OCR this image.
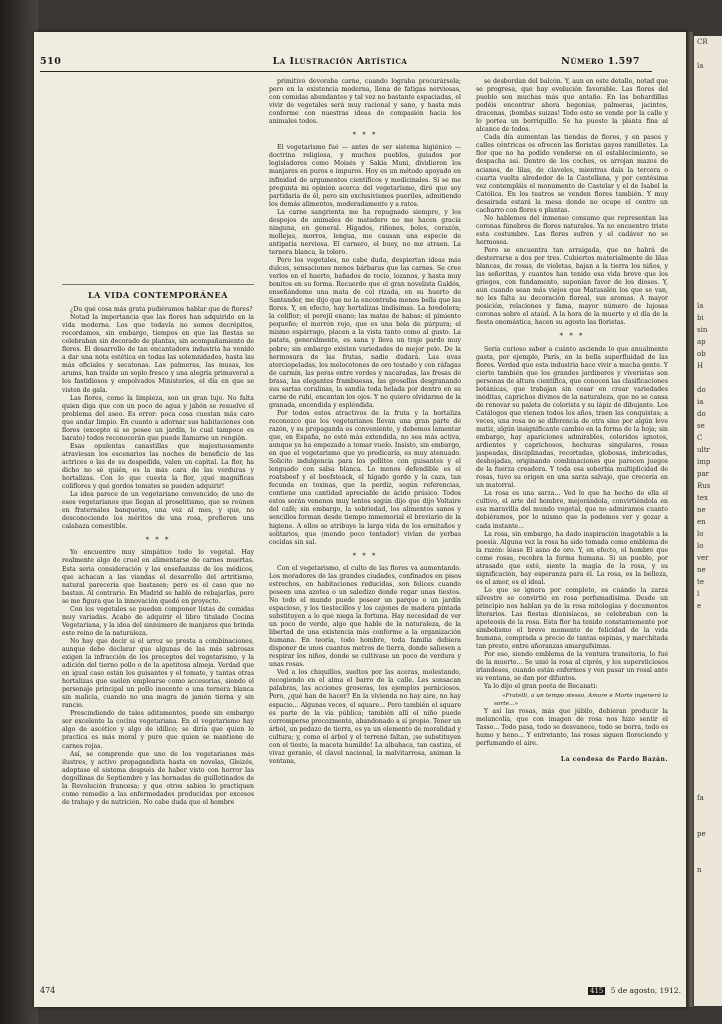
CR

la

la
bi
sin
ap
ob
H

do
ia
do
se
C
ultr
imp
par
Rus
tex
ne
en
lo
lo
ver
ne
te
l
e

fa

pe

n
510	La Ilustración Artística	Número 1.597
LA VIDA CONTEMPORÁNEA

¿Du qué cosa más grata pudiéramos hablar que de flores?

Notad la importancia que las flores han adquirido en la vida moderna. Los que todavía no somos decrépitos, recordamos, sin embargo, tiempos en que las fiestas se celebraban sin decorado de plantas, sin acompañamiento de flores. El desarrollo de tan encantadora industria ha venido a dar una nota estética en todas las solemnidades, hasta las más oficiales y secatonas. Las palmeras, las musas, los arums, han traído un soplo fresco y una alegría primaveral a los fastidiosos y empolvados Ministerios, el día en que se visten de gala.

Las flores, como la limpieza, son un gran lujo. No falta quien diga que con un poco de agua y jabón se resuelve el problema del aseo. Es error: poca cosa cuestan más caro que andar limpio. En cuanto a adornar sus habitaciones con flores (excepto si se posee un jardín, lo cual tampoco es barato) todos reconocerán que puede llamarse un rengión.

Esas opulentas canastillas que majestuosamente atraviesan los escenarios las noches de beneficio de las actrices o las de su despedida, valen un capital. La flor, ha dicho no sé quién, es la más cara de las verduras y hortalizas. Con lo que cuesta la flor, ¡qué magníficas coliflores y qué gordos tomates se pueden adquirir!

La idea parece de un vegetariano convencido; de uno de esos vegetarianos que llegan al proselitismo, que se reúnen en fraternales banquetes, una vez al mes, y que, no desconociendo los méritos de una rosa, prefieren una calabaza comestible.

* * *

Yo encuentro muy simpático todo lo vegetal. Hay realmente algo de cruel en alimentarse de carnes muertas. Esta seria consideración y las enseñanzas de los médicos, que achacan a las viandas el desarrollo del artritismo, natural parecería que bastasen; pero es el caso que no bastan. Al contrario. En Madrid se habló de rebajarlas, pero se me figura que la innovación quedó en proyecto.

Con los vegetales se pueden componer listas de comidas muy variadas. Acabo de adquirir el libro titulado Cocina Vegetariana, y la idea del sinnúmero de manjares que brinda este reino de la naturaleza.

No hay que decir si el arroz se presta a combinaciones, aunque debo declarar que algunas de las más sabrosas exigen la infracción de los preceptos del vegetarismo, y la adición del tierno pollo o de la apetitosa almeja. Verdad que en igual caso están los guisantes y el tomate, y tantas otras hortalizas que suelen emplearse como accesorias, siendo el personaje principal un pollo inocente o una ternera blanca sin malicia, cuando no una magra de jamón tierna y sin rancio.

Prescindiendo de tales aditamentos, puede sin embargo ser excelente la cocina vegetariana. En el vegetarismo hay algo de ascético y algo de idílico; se diría que quien lo practica es más moral y puro que quien se mantiene de carnes rojas.

Así, se comprende que uno de los vegetarianos más ilustres, y activo propagandista hasta en novelas, Gleizés, adoptase el sistema después de haber visto con horror las degollinas de Septiembre y las hornadas de guillotinados de la Revolución francesa; y que otros sabios lo practiquen como remedio a las enfermedades producidas por excesos de trabajo y de nutrición. No cabe duda que el hombre

primitivo devoraba carne, cuando lograba procurársela; pero en la existencia moderna, llena de fatigas nerviosas, con comidas abundantes y tal vez no bastante espaciadas, el vivir de vegetales será muy racional y sano, y hasta más conforme con nuestras ideas de compasión hacia los animales todos.

* * *

El vegetarismo fué — antes de ser sistema higiénico — doctrina religiosa, y muchos pueblos, guiados por legisladores como Moisés y Sakia Muni, dividieron los manjares en puros e impuros. Hoy es un método apoyado en infinidad de argumentos científicos y medicinales. Si se me pregunta mi opinión acerca del vegetarismo, diré que soy partidaria de él, pero sin exclusivismos pueriles, admitiendo los demás alimentos, moderadamente y a ratos.

La carne sangrienta me ha repugnado siempre, y los despojos de animales de matadero no me hacen gracia ninguna, en general. Hígados, riñones, boles, corazón, mollejas, morros, lengua, me causan una especie de antipatía nerviosa. El carnero, el buey, no me atraen. La ternera blanca, la tolero.

Pero los vegetales, no cabe duda, despiertan ideas más dulces, sensaciones menos bárbaras que las carnes. Se cree verlos en el huerto, bañados de rocío, lozanos, y hasta muy bonitos en su forma. Recuerdo que el gran novelista Galdós, enseñándome una mata de col rizada, en su huerto de Santander, me dijo que no la encontraba menos bella que las flores. Y, en efecto, hay hortalizas lindísimas. La bredolera; la coliflor; el perejil enano; las matas de habas; el pimiento pequeño; el morrón rojo, que es una bola de púrpura; el mismo espárrago, placen a la vista tanto como al gusto. La patata, generalmente, es sana y lleva un traje pardo muy pobre; sin embargo existen variedades de mejor pelo. De la hermosura de las frutas, nadie dudará. Las uvas aterciopeladas, los melocotones de oro tostado y con ráfagas de carmín, las peras entre verdes y nacaradas, las fresas de brasa, las elegantes frambuesas, las grosellas desgranando sus sartas coralinas, la sandía toda helada por dentro en su carne de rubí, encantan los ojos. Y no quiero olvidarme de la granada, encendida y espléndida.

Por todos estos atractivos de la fruta y la hortaliza reconozco que los vegetarianos llevan una gran parte de razón, y su propaganda es conveniente, y debemos lamentar que, en España, no esté más extendida, no sea más activa, aunque ya ha empezado a tomar vuelo. Insisto, sin embargo, en que el vegetarismo que yo predicaría, es muy atenuado. Solicito indulgencia para los pollitos con guisantes y el lenguado con salsa blanca. Lo menos defendible es el roatsbeef y el beefsteack, el hígado gordo y la caza, tan fecunda en toxinas, que la perdiz, según referencias, contiene una cantidad apreciable de ácido prúsico. Todos estos serán venenos muy lentos según dijo que dijo Voltaire del café; sin embargo, la sobriedad, los alimentos sanos y sencillos forman desde tiempo inmemorial el breviario de la higiene. A ellos se atribuye la larga vida de los ermitaños y solitarios, que (mendo poco tentador) vivían de yerbas cocidas sin sal.

* * *

Con el vegetarismo, el culto de las flores va aumentando. Los moradores de las grandes ciudades, confinados en pisos estrechos, en habitaciones reducidas, son felices cuando poseen una azotea o un saledizo donde regar unas tiestos. No todo el mundo puede poseer un parque o un jardín espacioso, y los tiestecillos y los cajones de madera pintada substituyen a lo que niega la fortuna. Hay necesidad de ver un poco de verde, algo que hable de la naturaleza, de la libertad de una existencia más conforme a la organización humana. En teoría, todo hombre, toda familia debiera disponer de unos cuantos metros de tierra, donde saliesen a respirar los niños, donde se cultivase un poco de verdura y unas rosas.

Ved a los chiquillos, sueltos por las aceras, molestando, recogiendo en el alma el barro de la calle. Les sonsacan palabras, las acciones groseras, los ejemplos perniciosos. Pero, ¿qué han de hacer? En la vivienda no hay aire, no hay espacio... Algunas veces, el square... Pero también el square es parte de la vía pública; también allí el niño puede corromperse precozmente, abandonado a sí propio. Tener un árbol, un pedazo de tierra, es ya un elemento de moralidad y cultura; y, como el árbol y el terreno faltan, ¡se substituyen con el tiesto, la maceta humilde! La albahaca, tan castiza, el vivaz geranio, el clavel nacional, la malvitarrosa, animan la ventana,

se desbordan del balcón. Y, aun en este detalle, notad que se progresa, que hay evolución favorable. Las flores del pueblo son muchas más que antaño. En las bohardillas podéis encontrar ahora begonias, palmeras, jacintos, dracenas, ¡bombas suizas! Todo esto se vende por la calle y lo portea un borriquillo. Se ha puesto la planta fina al alcance de todos.

Cada día aumentan las tiendas de flores, y en pasos y calles céntricas os ofrecen las floristas gayos ramilletes. La flor que no ha podido venderse en el establecimiento, se despacha así. Dentro de los coches, os arrojan mazos de acianos, de lilas, de claveles, mientras dais la tercera o cuarta vuelta alrededor de la Castellana, y por centésima vez contempláis el monumento de Castelar y el de Isabel la Católica. En los teatros se venden flores también. Y muy desairada estará la mesa donde no ocupe el centro un cacharro con flores o plantas.

No hablemos del inmenso consumo que representan las coronas fúnebres de flores naturales. Ya no encuentro triste esta costumbre. Las flores sufren y el cadáver no se hermosea.

Pero se encuentra tan arraigada, que no habrá de desterrarse a dos por tres. Cubiertos materialmente de lilas blancas, de rosas, de violetas, bajan a la tierra los niños, y las señoritas, y cuantos han tenido esa vida breve que los griegos, con fundamento, suponían favor de los dioses. Y, aun cuando sean más viejos que Matusalén los que se van, no les falta su decoración floreal, sus aromas. A mayor posición, relaciones y fama, mayor número de lujosas coronas sobre el ataúd. A la hora de la muerte y el día de la fiesta onomástica, hacen su agosto las floristas.

* * *

Sería curioso saber a cuánto asciende lo que anualmente gasta, por ejemplo, París, en la bella superfluidad de las flores. Verdad que esta industria hace vivir a mucha gente. Y cierto también que los grandes jardineros y viveristas son personas de altura científica, que conocen las clasificaciones botánicas, que trabajan sin cesar en crear variedades inéditas, caprichos divinos de la naturaleza, que no se cansa de renovar su paleta de colorista y su lápiz de dibujante. Los Catálogos que vienen todos los años, traen las conquistas; a veces, una rosa no se diferencia de otra sino por algún leve matiz, algún insignificante cambio en la forma de la hoja; sin embargo, hay apariciones admirables, coloridos ignotos, ardientes y caprichosos, hechuras singulares, rosas jaspeadas, disciplinadas, recortadas, globosas, imbricadas, deshojadas, originando combinaciones que parecen juegos de la fuerza creadora. Y toda esa soberbia multiplicidad de rosas, tuvo su origen en una sarza salvaje, que crecería en un matorral.

La rosa es una sarza... Ved lo que ha hecho de ella el cultivo, el arte del hombre, mejorándola, convirtiéndola en esa maravilla del mundo vegetal, que no admiramos cuanto debiéramos, por lo mismo que la podemos ver y gozar a cada instante...

La rosa, sin embargo, ha dado inspiración inagotable a la poesía. Alguna vez la rosa ha sido tomada como emblema de la razón: léase El asno de oro. Y, en efecto, el hombre que come rosas, recobra la forma humana. Si un pueblo, por atrasado que esté, siente la magia de la rosa, y su significación, hay esperanza para él. La rosa, es la belleza, es el amor, es el ideal.

Lo que se ignora por completo, es cuándo la zarza silvestre se convirtió en rosa perfumadísima. Desde un principio nos hablan ya de la rosa mitologías y documentos literarios. Las fiestas dionisíacas, se celebraban con la apoteosis de la rosa. Esta flor ha tenido constantemente por simbolismo el breve momento de felicidad de la vida humana, comprada a precio de tantas espinas, y marchitada tan presto, entre añoranzas amargufsimas.

Por eso, siendo emblema de la ventura transitoria, lo fué de la muerte... Se unió la rosa al ciprés, y los supersticiosos irlandeses, cuando están enfermos y ven pasar un rosal ante su ventana, se dan por difuntos.

Ya lo dijo el gran poeta de Recanati:

«Fratelli, a un tempo stesso, Amore e Morte ingenerò la sorte...»

Y así las rosas, más que júbilo, debieran producir la melancolía, que con imagen de rosa nos hizo sentir el Tasso... Todo pasa, todo se desvanece, todo se borra, todo es humo y heno... Y entretanto, las rosas siguen floreciendo y perfumando el aire.

La condesa de Pardo Bazán.
474	415 5 de agosto, 1912.
